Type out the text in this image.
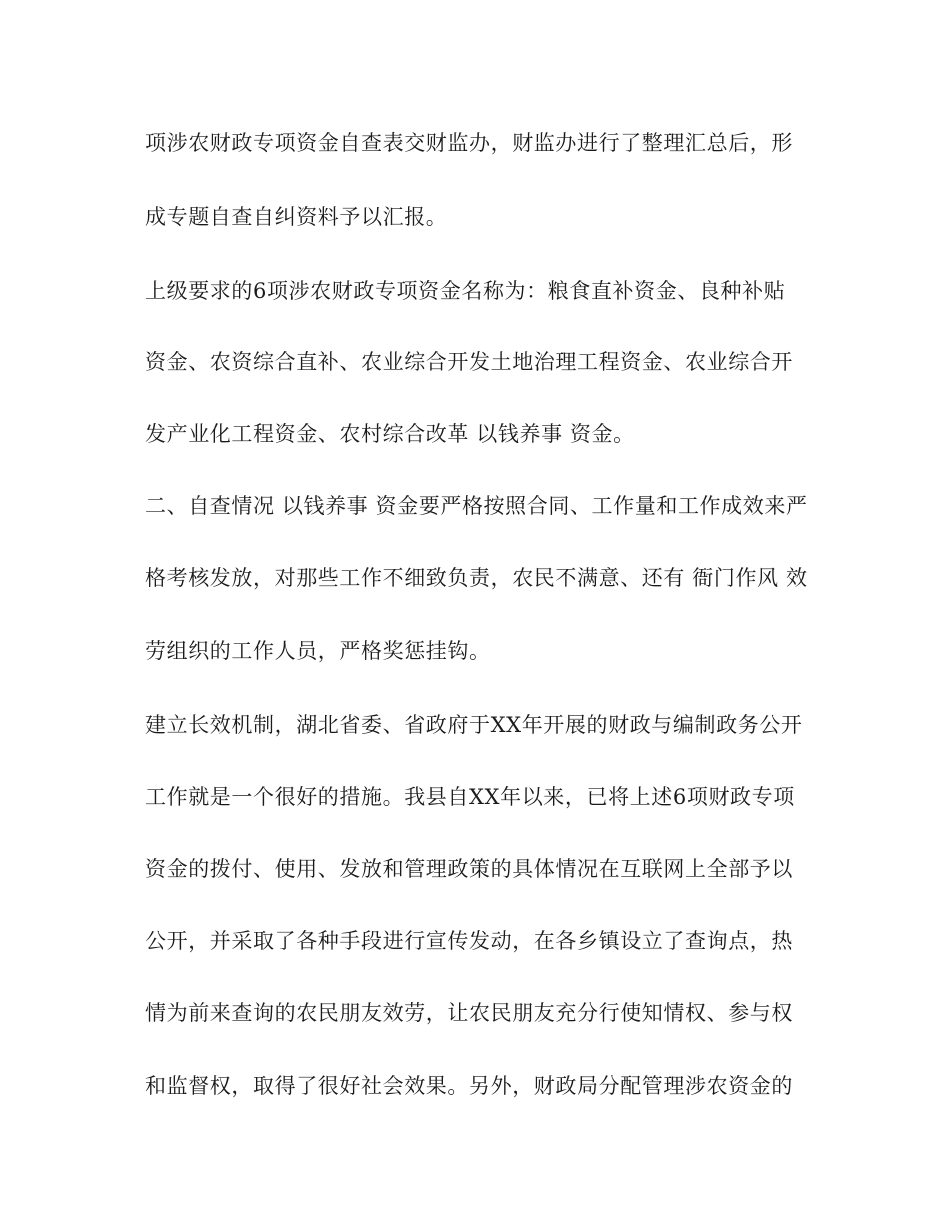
项涉农财政专项资金自查表交财监办，财监办进行了整理汇总后，形
成专题自查自纠资料予以汇报。
上级要求的6项涉农财政专项资金名称为：粮食直补资金、良种补贴
资金、农资综合直补、农业综合开发土地治理工程资金、农业综合开
发产业化工程资金、农村综合改革 以钱养事 资金。
二、自查情况 以钱养事 资金要严格按照合同、工作量和工作成效来严
格考核发放，对那些工作不细致负责，农民不满意、还有 衙门作风 效
劳组织的工作人员，严格奖惩挂钩。
建立长效机制，湖北省委、省政府于XX年开展的财政与编制政务公开
工作就是一个很好的措施。我县自XX年以来，已将上述6项财政专项
资金的拨付、使用、发放和管理政策的具体情况在互联网上全部予以
公开，并采取了各种手段进行宣传发动，在各乡镇设立了查询点，热
情为前来查询的农民朋友效劳，让农民朋友充分行使知情权、参与权
和监督权，取得了很好社会效果。另外，财政局分配管理涉农资金的
